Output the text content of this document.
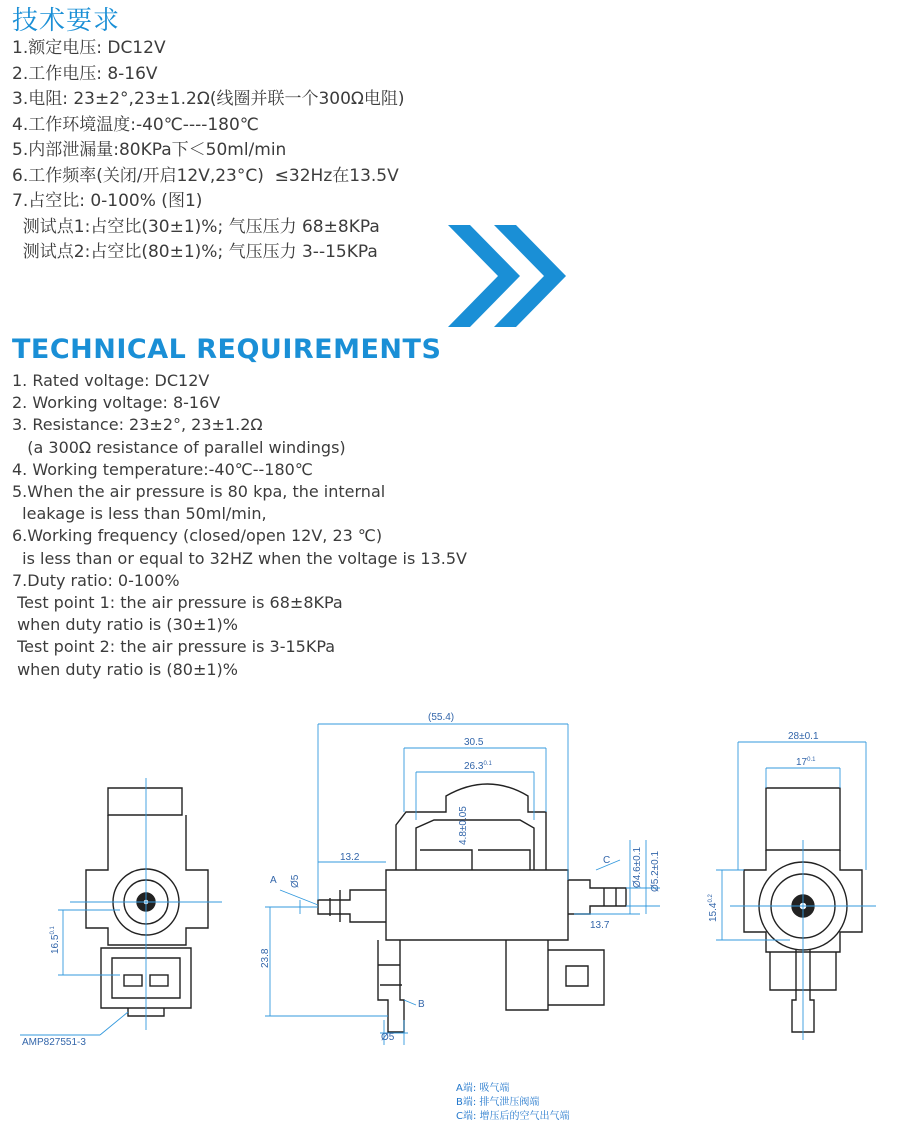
技术要求
1.额定电压: DC12V
2.工作电压: 8-16V
3.电阻: 23±2°,23±1.2Ω(线圈并联一个300Ω电阻)
4.工作环境温度:-40℃----180℃
5.内部泄漏量:80KPa下＜50ml/min
6.工作频率(关闭/开启12V,23°C)  ≤32Hz在13.5V
7.占空比: 0-100% (图1)
测试点1:占空比(30±1)%; 气压压力 68±8KPa
测试点2:占空比(80±1)%; 气压压力 3--15KPa
TECHNICAL REQUIREMENTS
1. Rated voltage: DC12V
2. Working voltage: 8-16V
3. Resistance: 23±2°, 23±1.2Ω
(a 300Ω resistance of parallel windings)
4. Working temperature:-40℃--180℃
5.When the air pressure is 80 kpa, the internal
leakage is less than 50ml/min,
6.Working frequency (closed/open 12V, 23 ℃)
is less than or equal to 32HZ when the voltage is 13.5V
7.Duty ratio: 0-100%
Test point 1: the air pressure is 68±8KPa
when duty ratio is (30±1)%
Test point 2: the air pressure is 3-15KPa
when duty ratio is (80±1)%
$16.5^{0.1}$
AMP827551-3
(55.4)
30.5
$26.3^{0.1}$
4.8±0.05
13.2
13.7
Ø5
23.8
Ø5
Ø4.6±0.1 Ø5.2±0.1
A
B
C
28±0.1
$17^{0.1}$
$15.4^{0.2}$
A端: 吸气端
B端: 排气泄压阀端
C端: 增压后的空气出气端
